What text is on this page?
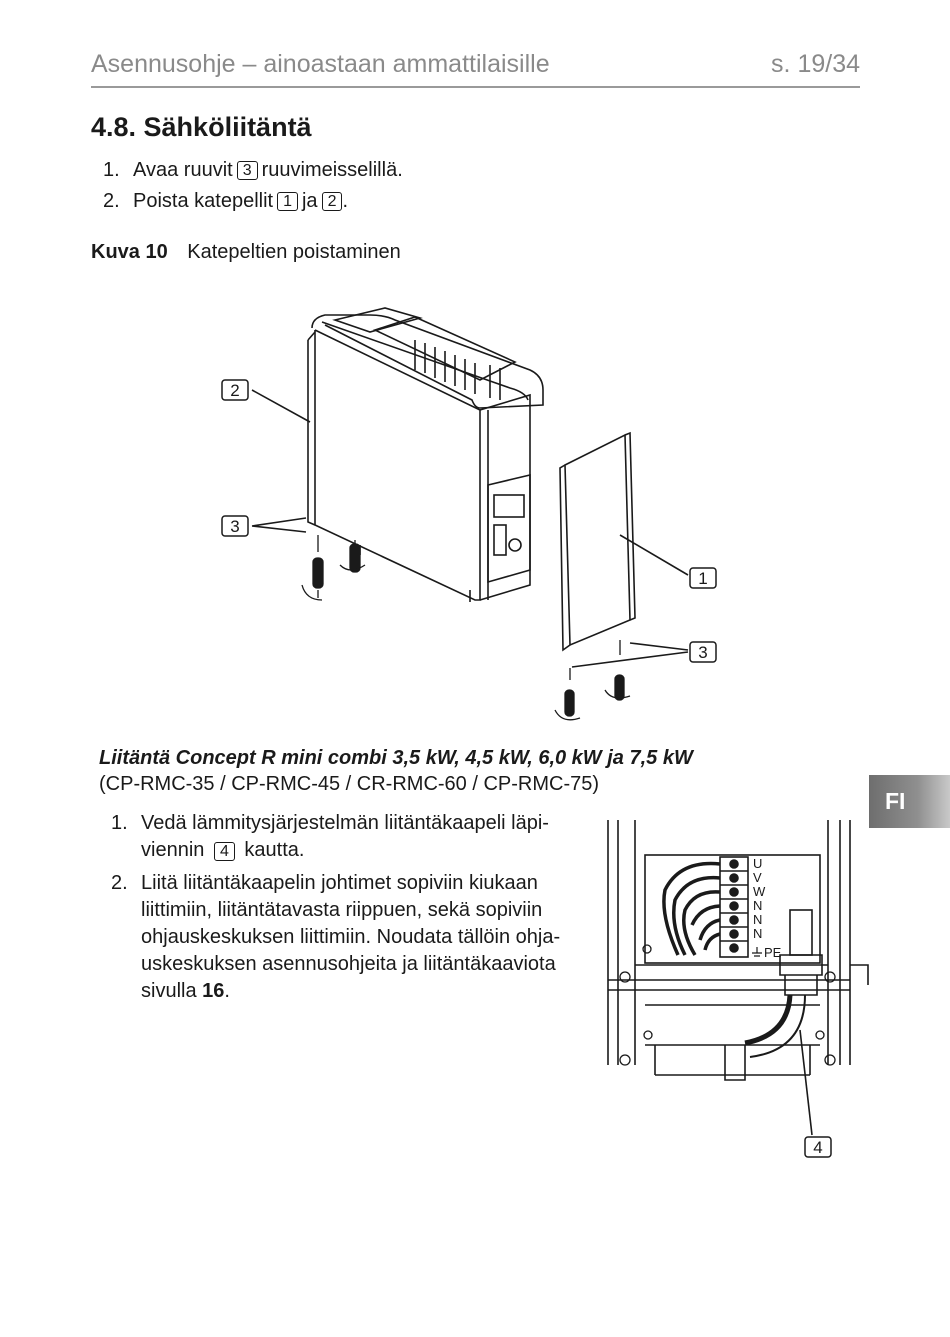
Asennusohje – ainoastaan ammattilaisille	s. 19/34
4.8. Sähköliitäntä
1. Avaa ruuvit 3 ruuvimeisselillä.
2. Poista katepellit 1 ja 2 .
Kuva 10 Katepeltien poistaminen
2
3
1
3
Liitäntä Concept R mini combi 3,5 kW, 4,5 kW, 6,0 kW ja 7,5 kW
(CP-RMC-35 / CP-RMC-45 / CR-RMC-60 / CP-RMC-75)
1. Vedä lämmitysjärjestelmän liitäntäkaapeli läpi-viennin 4 kautta.
2. Liitä liitäntäkaapelin johtimet sopiviin kiukaan liittimiin, liitäntätavasta riippuen, sekä sopiviin ohjauskeskuksen liittimiin. Noudata tällöin ohja-uskeskuksen asennusohjeita ja liitäntäkaaviota sivulla 16.
U
V
W
N
N
N
PE
4
FI
